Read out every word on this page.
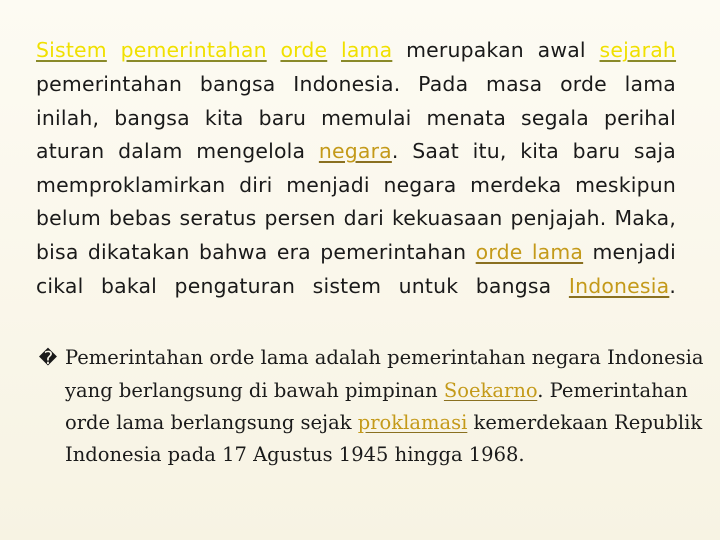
Sistem pemerintahan orde lama merupakan awal sejarah pemerintahan bangsa Indonesia. Pada masa orde lama inilah, bangsa kita baru memulai menata segala perihal aturan dalam mengelola negara. Saat itu, kita baru saja memproklamirkan diri menjadi negara merdeka meskipun belum bebas seratus persen dari kekuasaan penjajah. Maka, bisa dikatakan bahwa era pemerintahan orde lama menjadi cikal bakal pengaturan sistem untuk bangsa Indonesia.

� Pemerintahan orde lama adalah pemerintahan negara Indonesia yang berlangsung di bawah pimpinan Soekarno. Pemerintahan orde lama berlangsung sejak proklamasi kemerdekaan Republik Indonesia pada 17 Agustus 1945 hingga 1968.
